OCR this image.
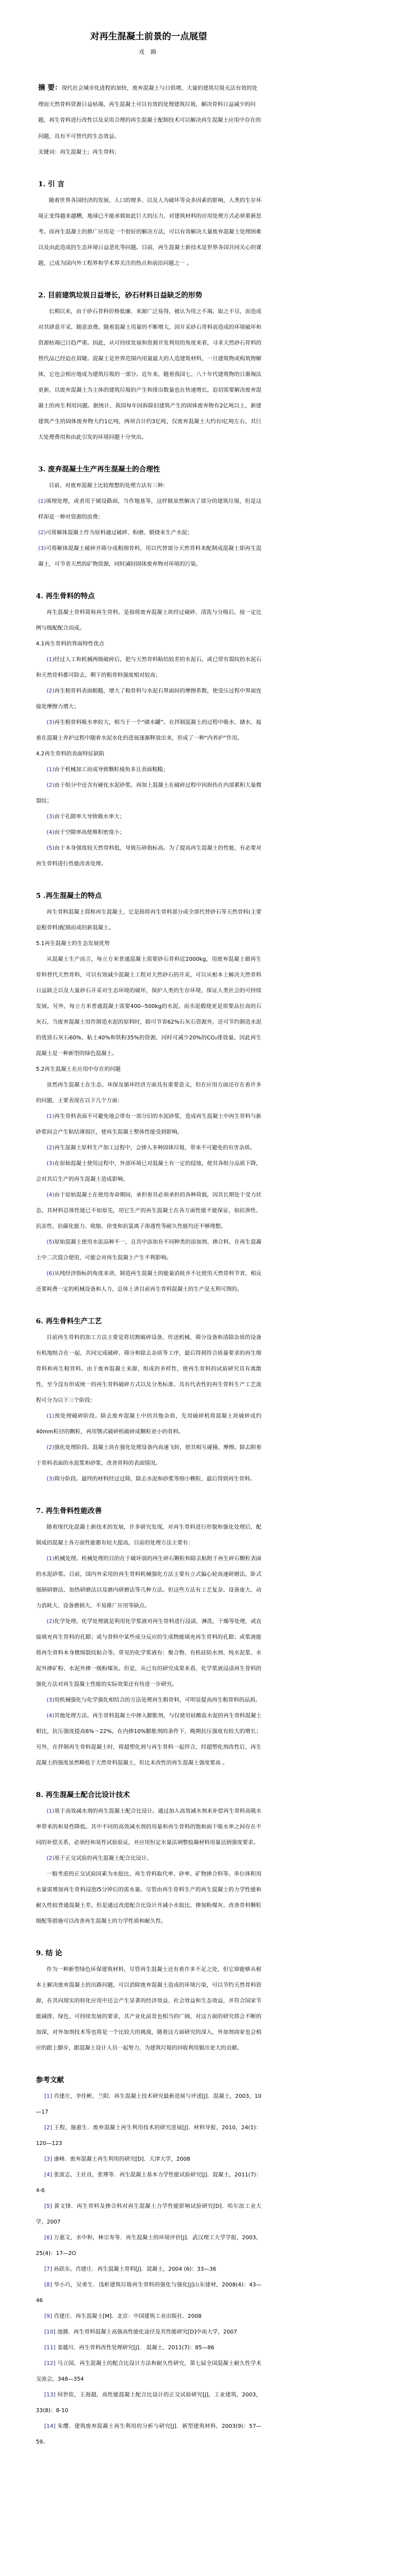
对再生混凝土前景的一点展望
戎 路
摘 要：现代社会城市化进程的加快，废弃混凝土与日俱增，大量的建筑垃圾无法有效的处理而天然骨料资源日益枯竭，再生混凝土可以有效的处理建筑垃圾，解决骨料日益减少的问题，再生骨料进行改性以及采用合理的再生混凝土配制技术可以解决再生混凝土应用中存在的问题，具有不可替代的生态效益。
关键词：再生混凝土；再生骨料；
1. 引 言
随着世界各国经济的发展、人口的增多，以及人为破坏等众多因素的影响，人类的生存环境正变得越来越糟，地球已不能承载如此巨大的压力，对建筑材料的应用处理方式必须重新思考。而再生混凝土的推广应用是一个很好的解决方法，可以有效解决大量废弃混凝土处理困难以及由此造成的生态环境日益恶化等问题。目前，再生混凝土新技术是世界各国共同关心的课题，已成为国内外工程界和学术界关注的热点和前沿问题之一 。
2. 目前建筑垃圾日益增长，砂石材料日益缺乏的形势
长期以来，由于砂石骨料价格低廉、来源广泛易得，被认为用之不竭、取之不尽，而造成对其肆意开采，随意浪费。随着混凝土用量的不断增大，因开采砂石骨料而造成的环境破坏和资源枯竭已日趋严重。因此，从可持续发展和资源开发利用的角度来看，寻求天然砂石骨料的替代品已经迫在眉睫。混凝土是世界范围内用量最大的人造建筑材料，一旦建筑物或构筑物解体，它也会相应地成为建筑垃圾的一部分。近年来，随着我国七、八十年代建筑物的日渐淘汰更新，以废弃混凝土为主体的建筑垃圾的产生和排出数量也在快速增长，迫切需要解决废弃混凝土的再生利用问题。据统计，我国每年因拆除旧建筑产生的固体废弃物有2亿吨以上，新建建筑产生的固体废弃物大约1亿吨，两项合计约3亿吨，仅废弃混凝土大约有l亿吨左右，其巨大处理费用和由此引发的环境问题十分突出。
3. 废弃混凝土生产再生混凝土的合理性
目前，对废弃混凝土比较理想的处理方法有三种：
(1)填埋处理，或者用于铺设路面，当作地基等，这样做虽然解决了部分的建筑垃圾，但是这样却是一种对资源的浪费；
(2)可将解体混凝土作为原料通过破碎、粉磨、锻烧来生产水泥；
(3)可将解体混凝土破碎并筛分成粗细骨料，用以代替部分天然骨料来配制成混凝土即再生混凝土，可节省天然的矿物资源，同时减轻固体废弃物对环境的污染。
4. 再生骨料的特点
再生混凝土骨料简称再生骨料，是指将废弃混凝土块经过破碎、清洗与分级后，按一定比例与级配配合而成。
4.1再生骨料的界面特性优点
(1)经过人工和机械两级破碎后，把与天然骨料粘结较差的水泥石，或已带有裂纹的水泥石和天然骨料都可除去，剩下的粗骨料强度相对较高；
(2)再生粗骨料表面粗糙，增大了粗骨料与水泥石界面间的摩擦系数，使受压过程中界面连接处摩擦力增大；
(3)再生粗骨料吸水率较大，相当于一个“储水罐”。在拌制混凝土的过程中吸水、储水，接着在混凝土养护过程中随着水泥水化的进展逐渐释放出来，形成了一种“内养护”作用。
4.2再生骨料的表面特征缺陷
(1)由于机械加工而成导致颗粒棱角多且表面粗糙；
(2)由于组分中还含有硬化水泥砂浆，再加上混凝土在破碎过程中因损伤在内部累积大量微裂纹；
(3)由于孔隙率大导致吸水率大；
(4)由于空隙率高使堆积密度小；
(5)由于本身强度较天然骨料低，导致压碎指标高。为了提高再生混凝土的性能，有必要对再生骨料进行性能改善处理。
5 .再生混凝土的特点
再生骨料混凝土简称再生混凝土，它是指将再生骨料部分或全部代替砂石等天然骨料(主要是粗骨料)配制而成的新混凝土。
5.1再生混凝土的生态发展优势
从混凝土生产而言，每立方米普通混凝土需要砂石骨料近2000kg，用废弃混凝土做再生骨料替代天然骨料，可以有效减少混凝土工程对天然砂石的开采，可以从根本上解决天然骨料日益缺乏以及大量砂石开采对生态环境的破坏，保护人类的生存环境，保证人类社会的可持续发展。另外，每立方米普通混凝土需要400--500kg的水泥，而水泥煅烧更是需要品位高的石灰石，当废弃混凝土用作制造水泥的原料时，除可节省62%石灰石资源外，还可节约制造水泥的优质石灰石60%、粘土40%和铁粉35%的资源，同时可减少20%的CO₂排放量。因此再生混凝土是一种新型的绿色混凝土。
5.2再生混凝土在应用中存在的问题
虽然再生混凝土在生态、环保及循环经济方面具有重要意义，但在应用方面还存在着许多的问题，主要表现在以下几个方面：
(1)再生骨料表面不可避免地会带有一部分旧的水泥砂浆，造成再生混凝土中再生骨料与新砂浆间会产生粘结薄弱区，使再生混凝土整体性能受到影响。
(2)再生混凝土原料生产加工过程中，会掺入多种固体垃圾，带来不可避免的有害杂质。
(3)在原始混凝土使用过程中，外部环境已对混凝土有一定的侵蚀，使其各组分品质下降，会对其后生产的再生混凝土造成影响。
(4)由于原始混凝土在使用寿命期间，承担着其必须承担的各种荷载，因其长期处于受力状态，其材料总体性能已不如原先，用它生产的再生混凝土在各方面性能不能保证，如抗渗性、抗冻性、抗碳化能力、收缩、徐变和抗氯离子渗透性等耐久性能均还不够理想。
(5)原始混凝土使用水泥品种不一，且其中添加有不同种类的添加剂、掺合料，在再生混凝土中二次混合使用，可能会对再生混凝土产生不利影响。
(6)从纯经济指标的角度来讲，制造再生混凝土的能量消耗并不比使用天然骨料节省，相反还要耗费一定的机械设备和人力，总体上讲目前再生骨料混凝土的生产是无利可图的。
6. 再生骨料生产工艺
目前再生骨料的加工方法主要是将切割破碎设备、传送机械、筛分设备和清除杂质的设备有机地组合在一起，共同完成破碎、筛分和除去杂质等工序，最后得到符合质量要求的再生细骨料和再生粗骨料。由于废弃混凝土来源、组成的多样性，使再生骨料的试验研究具有离散性，至今没有形成统一的再生骨料破碎方式以及分类标准。具有代表性的再生骨料生产工艺流程可分为以下三个阶段：
(1)预处理破碎阶段。除去废弃混凝土中的其他杂质，先用破碎机将混凝土块破碎成约40mm粒径的颗粒，再用颚式破碎机破碎成颗粒更小的骨料。
(2)强化处理阶段。混凝土块在强化处理设备内高速飞转，使其相互碰撞、摩擦，除去附着于骨料表面的水泥浆和砂浆，改善骨料的表面情况。
(3)筛分阶段。最终的材料经过过筛，除去水泥和砂浆等细小颗粒，最后得到再生骨料。
7. 再生骨料性能改善
随着现代化混凝土新技术的发展，许多研究发现，对再生骨料进行形貌和强化处理后，配制成的混凝土各方面性能都有较大提高，目前的处理方法主要有：
(1)机械处理。机械处理的目的在于破坏弱的再生碎石颗粒和除去粘附于再生碎石颗粒表面的水泥砂浆。目前，国内外采用的再生骨料机械强化方法主要有立式偏心轮高速研磨法、卧式强制研磨法、加热研磨法以及磨内研磨法等几种方法。但这些方法有工艺复杂、设备庞大、动力消耗大、设备磨损大、不易推广应用等缺点。
(2)化学处理。化学处理就是利用化学浆液对再生骨料进行浸渍、淋洗、干燥等处理，或直接填充再生骨料的孔隙；或与骨料中某些成分反应的生成物能填充再生骨料的孔隙；或浆液能将再生骨料本身微细裂纹粘合等。常见的化学浆液有：聚合物、有机硅防水剂、纯水泥浆、水泥外掺矿粉、水泥外掺一级粉煤灰。但是，从已有的研究成果来看，化学浆液浸渍再生骨料的强化方法对再生混凝土性能的实际效果还有待进一步研究。
(3)用机械强化与化学强化相结合的方法处理再生粗骨料，可明显提高再生粗骨料的品质。
(4)其他处理方法。再生骨料混凝土中掺入膨胀剂，与仅使用硅酸盐水泥的再生骨料混凝土相比，抗压强度提高6%～22%，在内掺10%膨胀剂的条件下，晚期抗压强度有较大的增长；另外，在拌制再生骨料混凝土时，将超塑化剂与再生骨料一起拌合，经超塑化剂改性后，再生混凝土的强度虽然略低于天然骨料混凝土，但比未改性的再生混凝土强度要高 。
8. 再生混凝土配合比设计技术
(1)基于高效减水剂的再生混凝土配合比设计。通过加入高效减水剂来补偿再生骨料高吸水率带来的和易性降低。其中不同的高效减水剂的用量和再生骨料的饱和面干吸水率之间存在不同的补偿关系，必须经和易性试验验证，并应用恒定水量法调整胶凝材料用量达到强度要求。
(2)基于正交试验的再生混凝土配合比设计。
一般考虑的正交试验因素为水胶比、再生骨料取代率、砂率、矿物掺合料等。单位体积用水量需增加再生骨料浸泡l5分钟后的需水量。尽管由再生骨料生产的再生混凝土的力学性能和耐久性较普通混凝土差，但是通过改进配合比设计并减小水胶比、掺加粉煤灰、改善骨料颗粒级配等措施可以改善再生混凝土的力学性质和耐久性。
9. 结 论
作为一种新型绿色环保建筑材料，尽管再生混凝土还有着许多不足之处，但它却能够从根本上解决废弃混凝土的出路问题，可以消除废弃混凝土造成的环境污染，可以节约天然骨料资源，在其向现实的转化应用中还会产生显著的经济效益、社会效益和生态效益，并符合国家节能减排、绿色、可持续发展的要求，其产业化前景也相当的广阔，对这方面的研究将会不断的加深，对外加剂技术等也将是一个比较大的挑战，随着这方面研究的深入，外加剂商家也会相应的跟上脚步，跟混凝土设计人员一起努力，为建筑垃圾的回收利用做出更大的贡献。
参考文献
[1] 肖建庄，李佳彬，兰阳．再生混凝土技术研究最新进展与评述[J]．混凝土，2003，10—17
[2] 王程，施惠生．废弃混凝土再生利用技术的研究进展[J]．材料导报，2010，24(1)：120—123
[3] 康峰．废弃混凝土再生利用的研究[D]．天津大学，2008
[4] 张波志，王社良，张博等．再生混凝土基本力学性能试验研究[J]．混凝土，2011(7)：4-6
[5] 黄文锋．再生骨料及掺合料对再生混凝土力学性能影响试验研究[D]．哈尔滨工业大学，2007
[6] 万惠文，水中和，林宗寿等．再生混凝土的环境评价[J]．武汉理工大学学报，2003，25(4)：17—2O
[7] 孙跃东，肖建庄．再生混凝土骨料[J]．混凝土，2004 (6)：33—36
[8] 华小巧，吴勇生．浅析建筑垃圾再生骨料的强化与强化[J]山东建材，2008(4)：43—46
[9] 肖建庄．再生混凝土[M]．北京：中国建筑工业出版社．2008
[10] 池漪．再生骨料混凝土高强高性能化途径及其性能研究[D]中南大学，2007
[11] 姜越川．再生骨料改性处理研究[J]． 混凝土，2011(7)：85—86
[12] 马立国，再生混凝土的配合比设计方法和耐久性研究，第七届全国混凝土耐久性学术交流会，348—354
[13] 何世钦，王海超，高性能混凝土配合比设计的正交试验研究[J]，工业建筑，2003，33(8)：8-10
[14] 朱缨．建筑废弃混凝土再生利用的分析与研究[J]．新型建筑材料，2003(9)：57—59。
